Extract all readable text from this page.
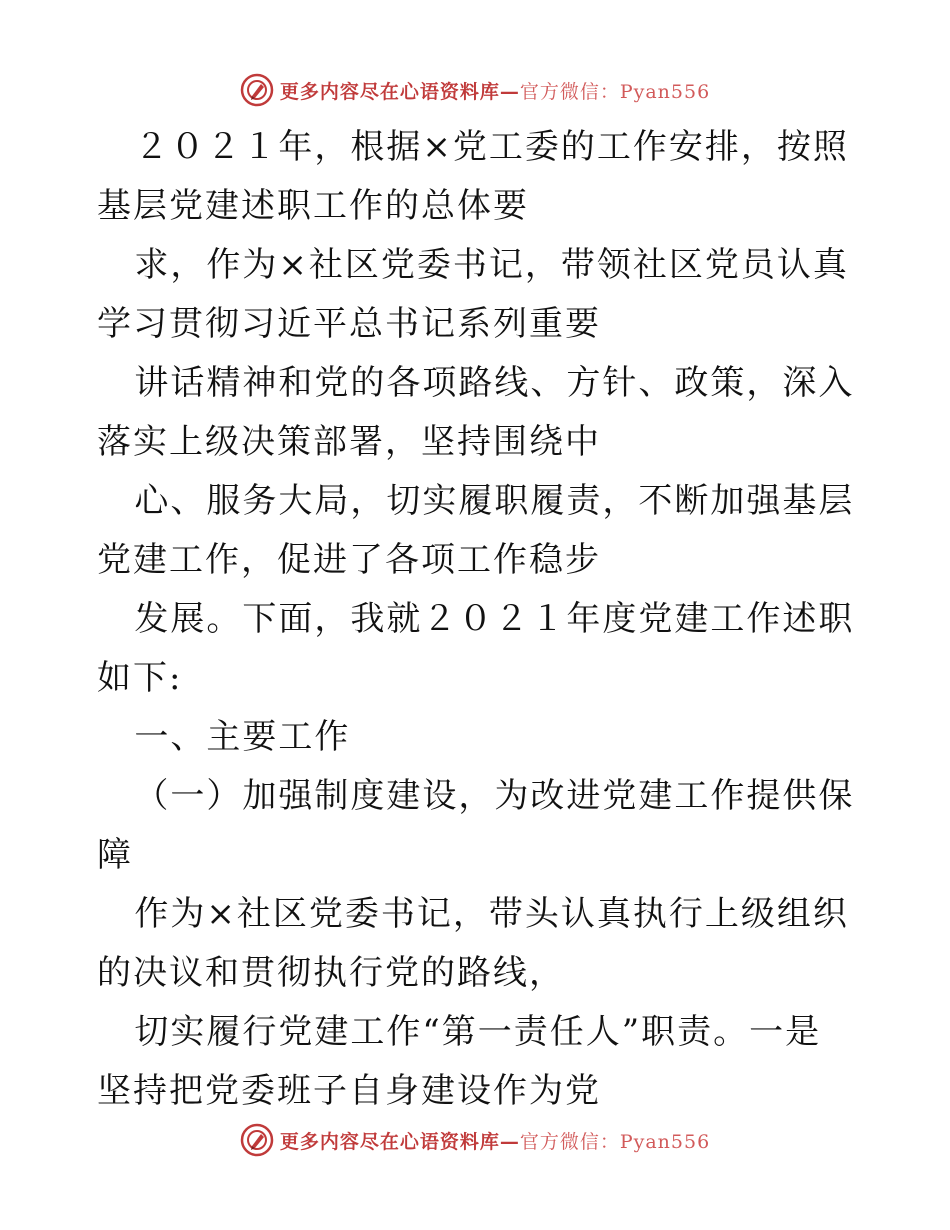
更多内容尽在心语资料库—官方微信：Pyan556

２０２１年，根据×党工委的工作安排，按照基层党建述职工作的总体要

求，作为×社区党委书记，带领社区党员认真学习贯彻习近平总书记系列重要

讲话精神和党的各项路线、方针、政策，深入落实上级决策部署，坚持围绕中

心、服务大局，切实履职履责，不断加强基层党建工作，促进了各项工作稳步

发展。下面，我就２０２１年度党建工作述职如下:

一、主要工作

（一）加强制度建设，为改进党建工作提供保障

作为×社区党委书记，带头认真执行上级组织的决议和贯彻执行党的路线，

切实履行党建工作“第一责任人”职责。一是坚持把党委班子自身建设作为党

更多内容尽在心语资料库—官方微信：Pyan556
